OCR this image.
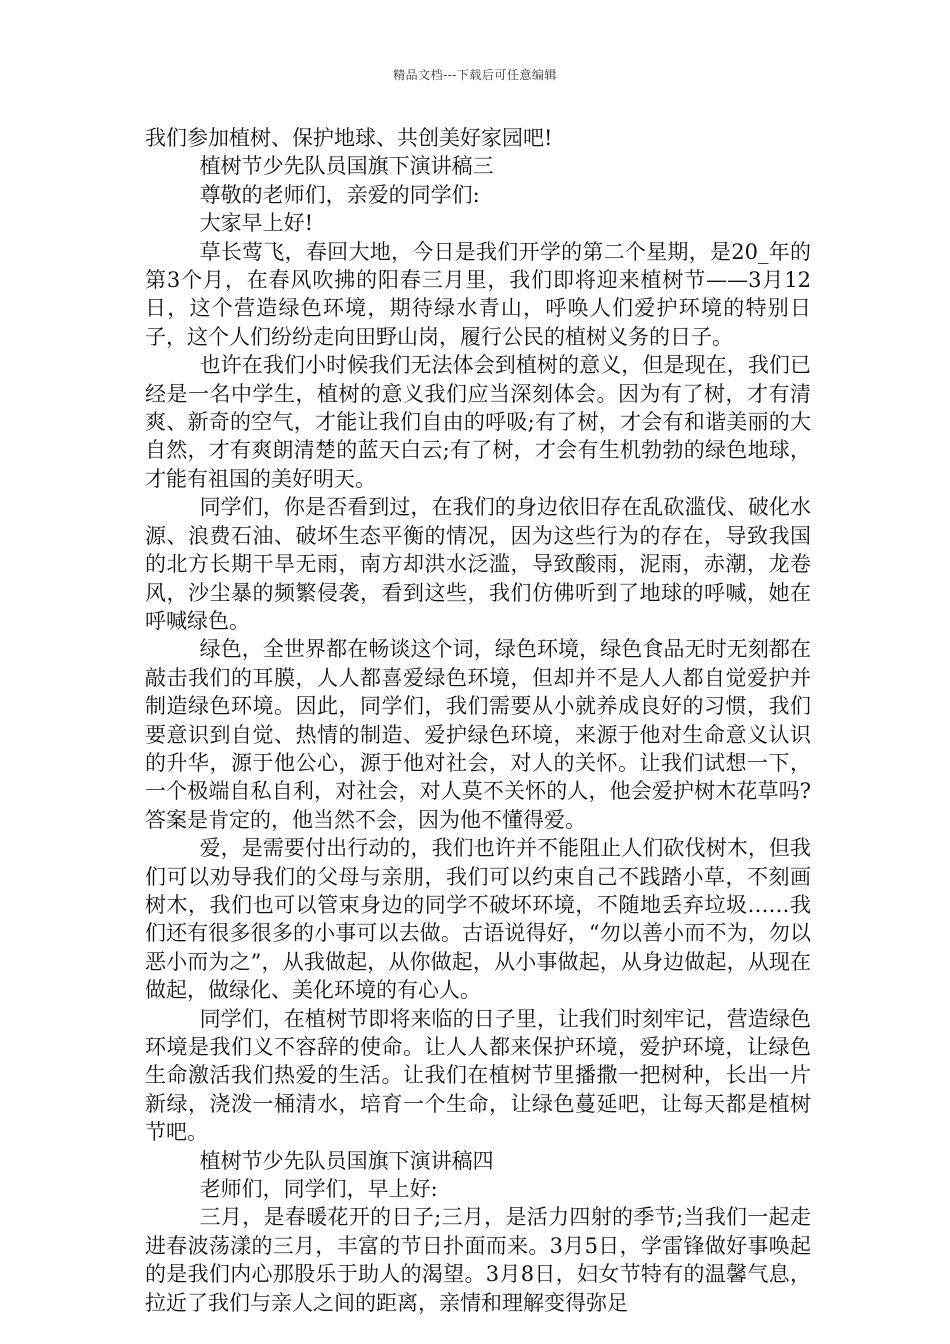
精品文档---下载后可任意编辑

我们参加植树、保护地球、共创美好家园吧!

植树节少先队员国旗下演讲稿三

尊敬的老师们，亲爱的同学们:

大家早上好!

草长莺飞，春回大地，今日是我们开学的第二个星期，是20_年的第3个月，在春风吹拂的阳春三月里，我们即将迎来植树节——3月12日，这个营造绿色环境，期待绿水青山，呼唤人们爱护环境的特别日子，这个人们纷纷走向田野山岗，履行公民的植树义务的日子。

也许在我们小时候我们无法体会到植树的意义，但是现在，我们已经是一名中学生，植树的意义我们应当深刻体会。因为有了树，才有清爽、新奇的空气，才能让我们自由的呼吸;有了树，才会有和谐美丽的大自然，才有爽朗清楚的蓝天白云;有了树，才会有生机勃勃的绿色地球，才能有祖国的美好明天。

同学们，你是否看到过，在我们的身边依旧存在乱砍滥伐、破化水源、浪费石油、破坏生态平衡的情况，因为这些行为的存在，导致我国的北方长期干旱无雨，南方却洪水泛滥，导致酸雨，泥雨，赤潮，龙卷风，沙尘暴的频繁侵袭，看到这些，我们仿佛听到了地球的呼喊，她在呼喊绿色。

绿色，全世界都在畅谈这个词，绿色环境，绿色食品无时无刻都在敲击我们的耳膜，人人都喜爱绿色环境，但却并不是人人都自觉爱护并制造绿色环境。因此，同学们，我们需要从小就养成良好的习惯，我们要意识到自觉、热情的制造、爱护绿色环境，来源于他对生命意义认识的升华，源于他公心，源于他对社会，对人的关怀。让我们试想一下，一个极端自私自利，对社会，对人莫不关怀的人，他会爱护树木花草吗?答案是肯定的，他当然不会，因为他不懂得爱。

爱，是需要付出行动的，我们也许并不能阻止人们砍伐树木，但我们可以劝导我们的父母与亲朋，我们可以约束自己不践踏小草，不刻画树木，我们也可以管束身边的同学不破坏环境，不随地丢弃垃圾……我们还有很多很多的小事可以去做。古语说得好，“勿以善小而不为，勿以恶小而为之”，从我做起，从你做起，从小事做起，从身边做起，从现在做起，做绿化、美化环境的有心人。

同学们，在植树节即将来临的日子里，让我们时刻牢记，营造绿色环境是我们义不容辞的使命。让人人都来保护环境，爱护环境，让绿色生命激活我们热爱的生活。让我们在植树节里播撒一把树种，长出一片新绿，浇泼一桶清水，培育一个生命，让绿色蔓延吧，让每天都是植树节吧。

植树节少先队员国旗下演讲稿四

老师们，同学们，早上好:

三月，是春暖花开的日子;三月，是活力四射的季节;当我们一起走进春波荡漾的三月，丰富的节日扑面而来。3月5日，学雷锋做好事唤起的是我们内心那股乐于助人的渴望。3月8日，妇女节特有的温馨气息，拉近了我们与亲人之间的距离，亲情和理解变得弥足
